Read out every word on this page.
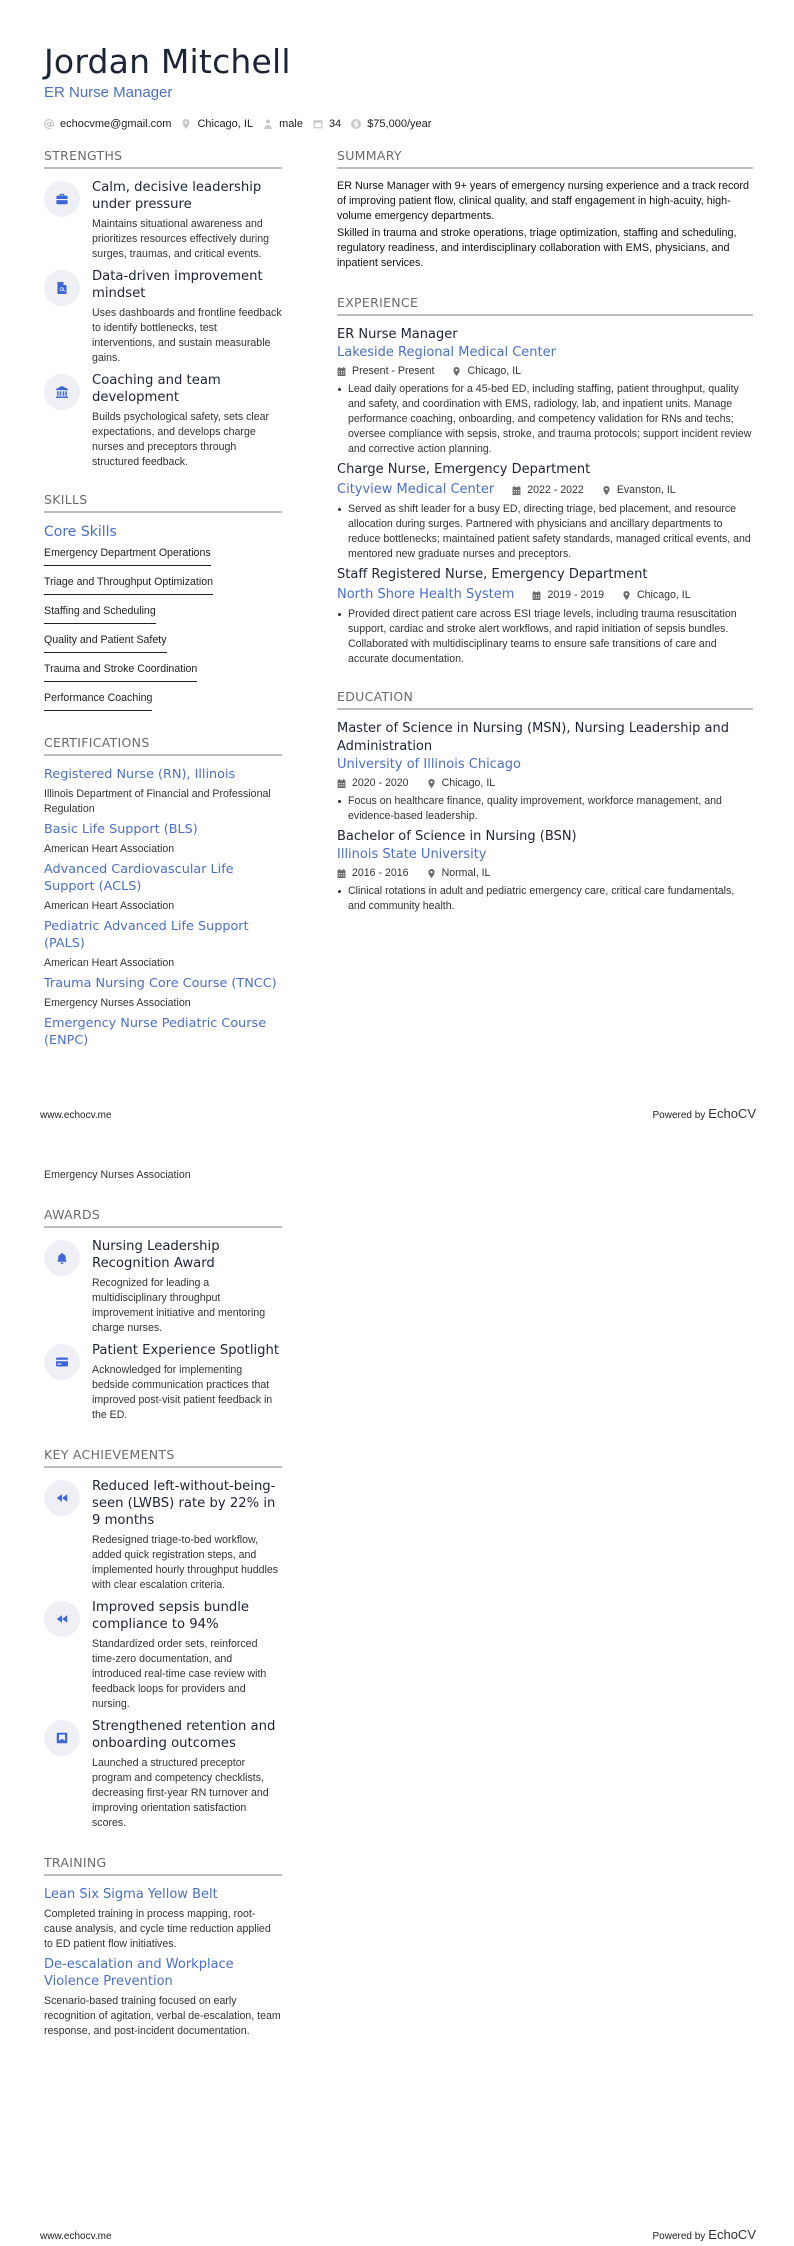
Jordan Mitchell
ER Nurse Manager
echocvme@gmail.com Chicago, IL male 34 $75,000/year
STRENGTHS
Calm, decisive leadership under pressure
Maintains situational awareness and prioritizes resources effectively during surges, traumas, and critical events.
Data-driven improvement mindset
Uses dashboards and frontline feedback to identify bottlenecks, test interventions, and sustain measurable gains.
Coaching and team development
Builds psychological safety, sets clear expectations, and develops charge nurses and preceptors through structured feedback.
SKILLS
Core Skills
Emergency Department Operations
Triage and Throughput Optimization
Staffing and Scheduling
Quality and Patient Safety
Trauma and Stroke Coordination
Performance Coaching
CERTIFICATIONS
Registered Nurse (RN), Illinois
Illinois Department of Financial and Professional Regulation
Basic Life Support (BLS)
American Heart Association
Advanced Cardiovascular Life Support (ACLS)
American Heart Association
Pediatric Advanced Life Support (PALS)
American Heart Association
Trauma Nursing Core Course (TNCC)
Emergency Nurses Association
Emergency Nurse Pediatric Course (ENPC)
SUMMARY

ER Nurse Manager with 9+ years of emergency nursing experience and a track record of improving patient flow, clinical quality, and staff engagement in high-acuity, high-volume emergency departments.

Skilled in trauma and stroke operations, triage optimization, staffing and scheduling, regulatory readiness, and interdisciplinary collaboration with EMS, physicians, and inpatient services.

EXPERIENCE
ER Nurse Manager
Lakeside Regional Medical Center
Present - Present	Chicago, IL
Lead daily operations for a 45-bed ED, including staffing, patient throughput, quality and safety, and coordination with EMS, radiology, lab, and inpatient units. Manage performance coaching, onboarding, and competency validation for RNs and techs; oversee compliance with sepsis, stroke, and trauma protocols; support incident review and corrective action planning.
Charge Nurse, Emergency Department
Cityview Medical Center	2022 - 2022	Evanston, IL
Served as shift leader for a busy ED, directing triage, bed placement, and resource allocation during surges. Partnered with physicians and ancillary departments to reduce bottlenecks; maintained patient safety standards, managed critical events, and mentored new graduate nurses and preceptors.
Staff Registered Nurse, Emergency Department
North Shore Health System	2019 - 2019	Chicago, IL
Provided direct patient care across ESI triage levels, including trauma resuscitation support, cardiac and stroke alert workflows, and rapid initiation of sepsis bundles. Collaborated with multidisciplinary teams to ensure safe transitions of care and accurate documentation.
EDUCATION
Master of Science in Nursing (MSN), Nursing Leadership and Administration
University of Illinois Chicago
2020 - 2020	Chicago, IL
Focus on healthcare finance, quality improvement, workforce management, and evidence-based leadership.
Bachelor of Science in Nursing (BSN)
Illinois State University
2016 - 2016	Normal, IL
Clinical rotations in adult and pediatric emergency care, critical care fundamentals, and community health.
www.echocv.me	Powered by EchoCV
Emergency Nurses Association
AWARDS
Nursing Leadership Recognition Award
Recognized for leading a multidisciplinary throughput improvement initiative and mentoring charge nurses.
Patient Experience Spotlight
Acknowledged for implementing bedside communication practices that improved post-visit patient feedback in the ED.
KEY ACHIEVEMENTS
Reduced left-without-being-seen (LWBS) rate by 22% in 9 months
Redesigned triage-to-bed workflow, added quick registration steps, and implemented hourly throughput huddles with clear escalation criteria.
Improved sepsis bundle compliance to 94%
Standardized order sets, reinforced time-zero documentation, and introduced real-time case review with feedback loops for providers and nursing.
Strengthened retention and onboarding outcomes
Launched a structured preceptor program and competency checklists, decreasing first-year RN turnover and improving orientation satisfaction scores.
TRAINING
Lean Six Sigma Yellow Belt
Completed training in process mapping, root-cause analysis, and cycle time reduction applied to ED patient flow initiatives.
De-escalation and Workplace Violence Prevention
Scenario-based training focused on early recognition of agitation, verbal de-escalation, team response, and post-incident documentation.
www.echocv.me	Powered by EchoCV
